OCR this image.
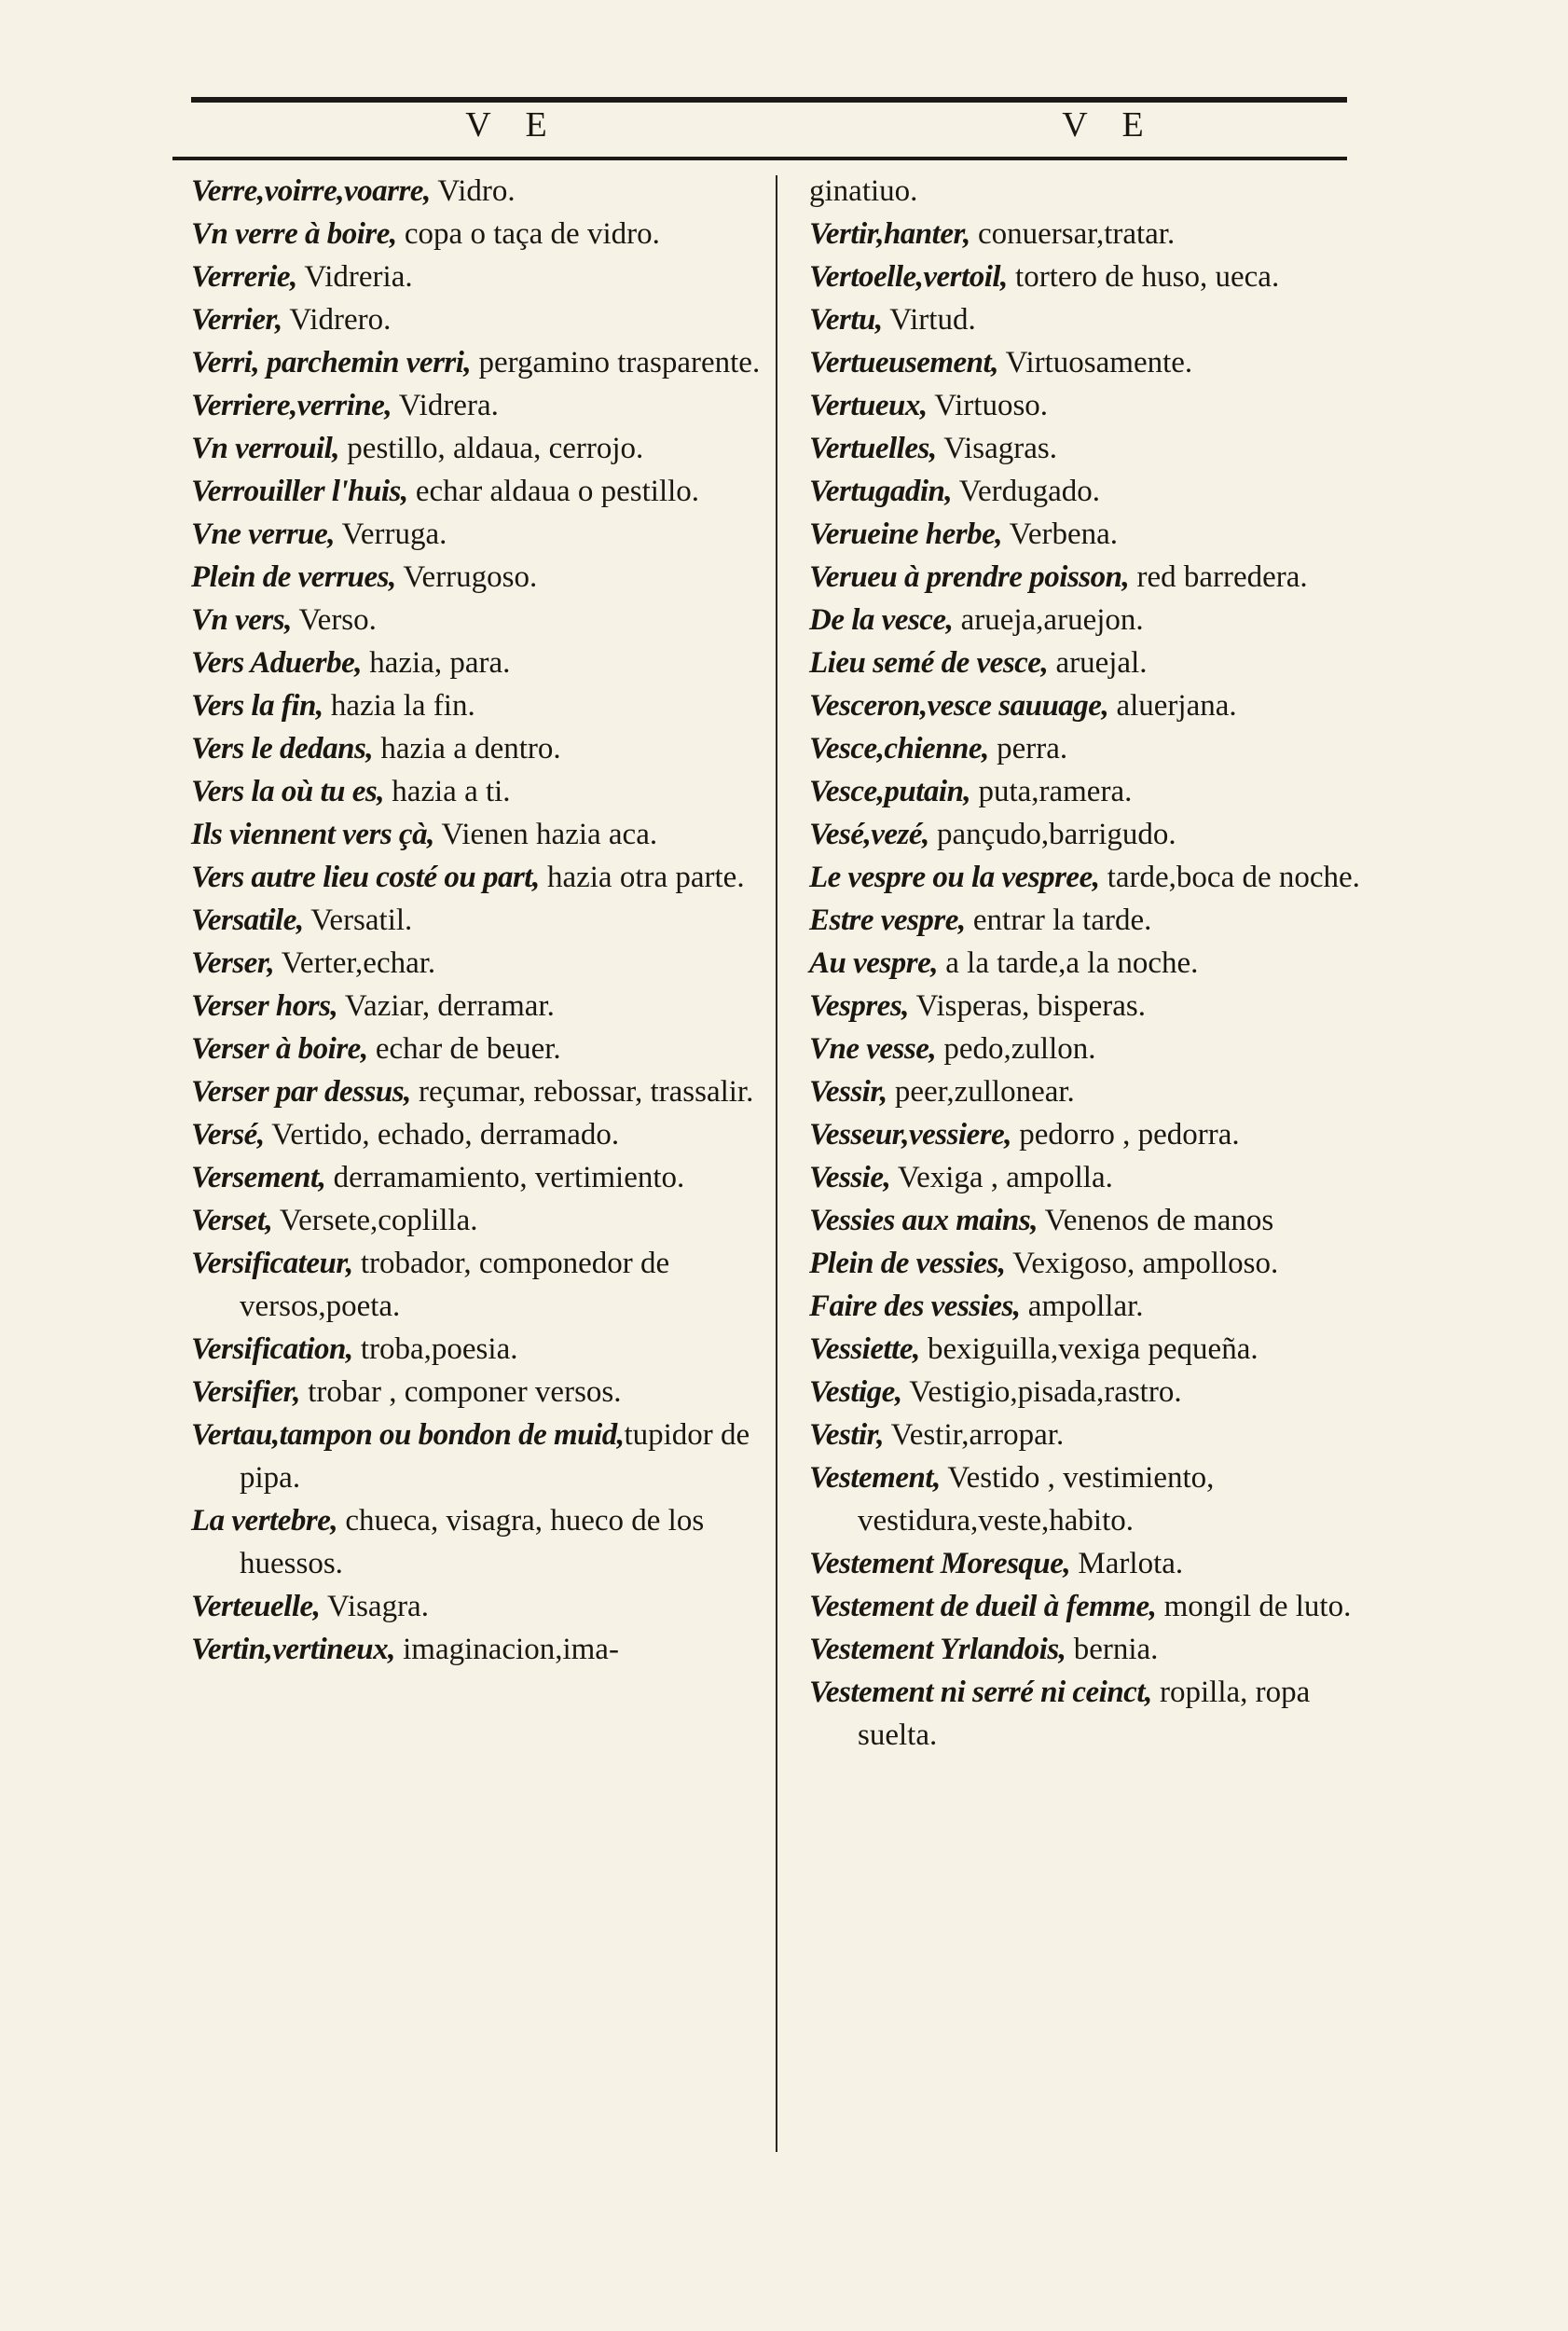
V E	V E

Verre,voirre,voarre, Vidro.

Vn verre à boire, copa o taça de vidro.

Verrerie, Vidreria.

Verrier, Vidrero.

Verri, parchemin verri, pergamino trasparente.

Verriere,verrine, Vidrera.

Vn verrouil, pestillo, aldaua, cerrojo.

Verrouiller l'huis, echar aldaua o pestillo.

Vne verrue, Verruga.

Plein de verrues, Verrugoso.

Vn vers, Verso.

Vers Aduerbe, hazia, para.

Vers la fin, hazia la fin.

Vers le dedans, hazia a dentro.

Vers la où tu es, hazia a ti.

Ils viennent vers çà, Vienen hazia aca.

Vers autre lieu costé ou part, hazia otra parte.

Versatile, Versatil.

Verser, Verter,echar.

Verser hors, Vaziar, derramar.

Verser à boire, echar de beuer.

Verser par dessus, reçumar, rebossar, trassalir.

Versé, Vertido, echado, derramado.

Versement, derramamiento, vertimiento.

Verset, Versete,coplilla.

Versificateur, trobador, componedor de versos,poeta.

Versification, troba,poesia.

Versifier, trobar , componer versos.

Vertau,tampon ou bondon de muid,tupidor de pipa.

La vertebre, chueca, visagra, hueco de los huessos.

Verteuelle, Visagra.

Vertin,vertineux, imaginacion,ima-

ginatiuo.

Vertir,hanter, conuersar,tratar.

Vertoelle,vertoil, tortero de huso, ueca.

Vertu, Virtud.

Vertueusement, Virtuosamente.

Vertueux, Virtuoso.

Vertuelles, Visagras.

Vertugadin, Verdugado.

Verueine herbe, Verbena.

Verueu à prendre poisson, red barredera.

De la vesce, arueja,aruejon.

Lieu semé de vesce, aruejal.

Vesceron,vesce sauuage, aluerjana.

Vesce,chienne, perra.

Vesce,putain, puta,ramera.

Vesé,vezé, pançudo,barrigudo.

Le vespre ou la vespree, tarde,boca de noche.

Estre vespre, entrar la tarde.

Au vespre, a la tarde,a la noche.

Vespres, Visperas, bisperas.

Vne vesse, pedo,zullon.

Vessir, peer,zullonear.

Vesseur,vessiere, pedorro , pedorra.

Vessie, Vexiga , ampolla.

Vessies aux mains, Venenos de manos

Plein de vessies, Vexigoso, ampolloso.

Faire des vessies, ampollar.

Vessiette, bexiguilla,vexiga pequeña.

Vestige, Vestigio,pisada,rastro.

Vestir, Vestir,arropar.

Vestement, Vestido , vestimiento, vestidura,veste,habito.

Vestement Moresque, Marlota.

Vestement de dueil à femme, mongil de luto.

Vestement Yrlandois, bernia.

Vestement ni serré ni ceinct, ropilla, ropa suelta.
